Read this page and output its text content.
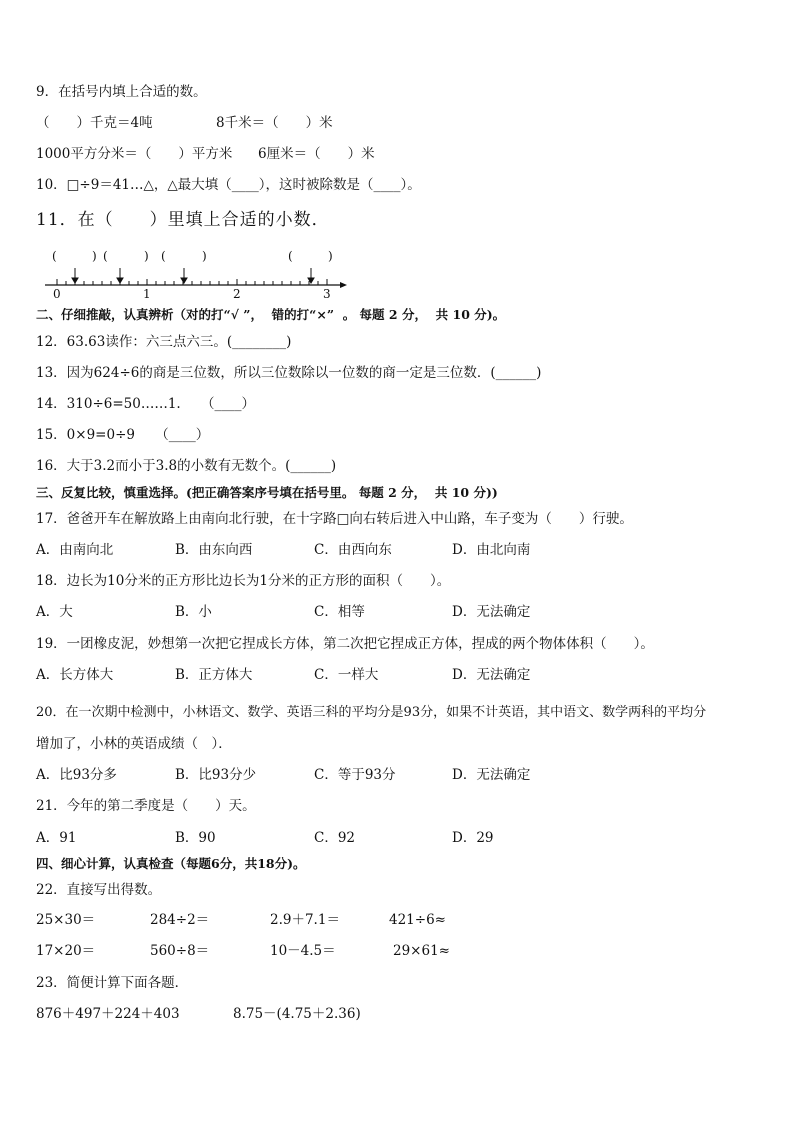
9．在括号内填上合适的数。
（　　）千克＝4吨	8千米＝（　　）米
1000平方分米＝（　　）平方米 6厘米＝（　　）米
10．□÷9＝41…△，△最大填（____），这时被除数是（____）。
11．在（　　）里填上合适的小数．
(	) (	) (	)	(	)
0	1	2	3
二、仔细推敲，认真辨析（对的打“√ ”，  错的打“×”  。 每题 2 分，  共 10 分)。
12．63.63读作：六三点六三。(________)
13．因为624÷6的商是三位数，所以三位数除以一位数的商一定是三位数．(______)
14．310÷6=50……1.　　（____）
15．0×9=0÷9　　（____）
16．大于3.2而小于3.8的小数有无数个。(______)
三、反复比较，慎重选择。(把正确答案序号填在括号里。 每题 2 分，  共 10 分))
17．爸爸开车在解放路上由南向北行驶，在十字路□向右转后进入中山路，车子变为（　　）行驶。
A．由南向北	B．由东向西	C．由西向东	D．由北向南
18．边长为10分米的正方形比边长为1分米的正方形的面积（　　）。
A．大	B．小	C．相等	D．无法确定
19．一团橡皮泥，妙想第一次把它捏成长方体，第二次把它捏成正方体，捏成的两个物体体积（　　）。
A．长方体大	B．正方体大	C．一样大	D．无法确定
20．在一次期中检测中，小林语文、数学、英语三科的平均分是93分，如果不计英语，其中语文、数学两科的平均分
增加了，小林的英语成绩（　）．
A．比93分多	B．比93分少	C．等于93分	D．无法确定
21．今年的第二季度是（　　）天。
A．91	B．90	C．92	D．29
四、细心计算，认真检查（每题6分，共18分)。
22．直接写出得数。
25×30＝	284÷2＝	2.9＋7.1＝	421÷6≈
17×20＝	560÷8＝	10－4.5＝	29×61≈
23．简便计算下面各题．
876＋497＋224＋403	8.75－(4.75＋2.36)
